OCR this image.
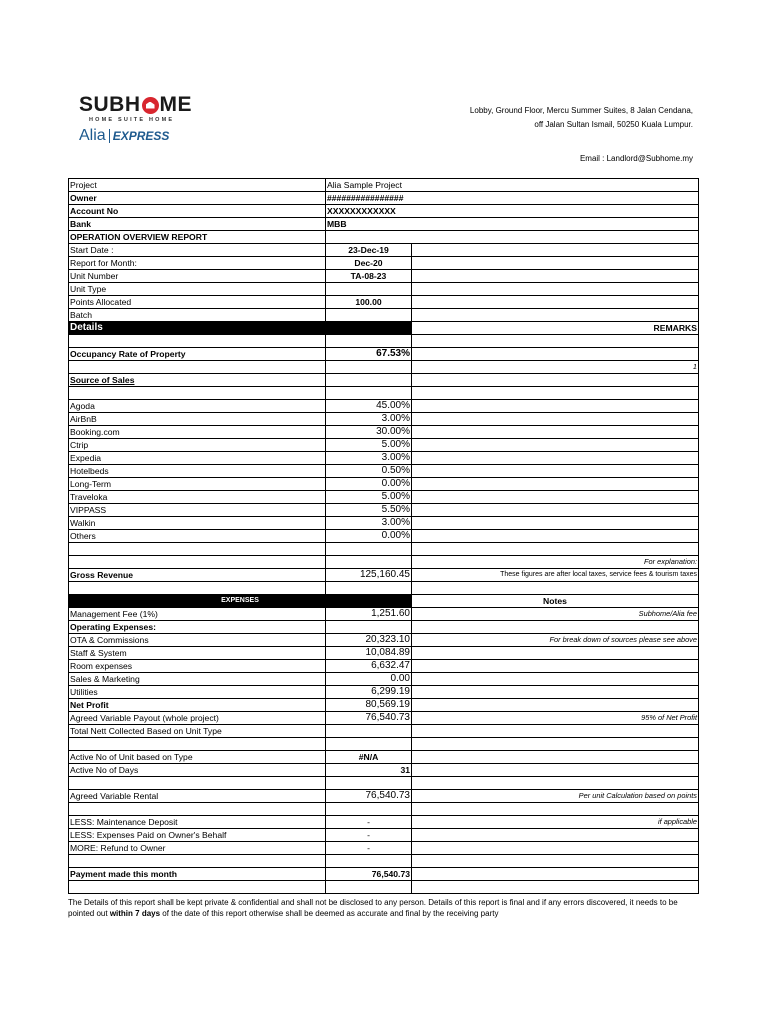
SUBH ME
HOME SUITE HOME
Alia EXPRESS
Lobby, Ground Floor, Mercu Summer Suites, 8 Jalan Cendana,
off Jalan Sultan Ismail, 50250 Kuala Lumpur.
Email : Landlord@Subhome.my
Project	Alia Sample Project	
Owner	################	
Account No	XXXXXXXXXXXX	
Bank	MBB	
OPERATION OVERVIEW REPORT		
Start Date :	23-Dec-19	
Report for Month:	Dec-20	
Unit Number	TA-08-23	
Unit Type		
Points Allocated	100.00	
Batch		
Details		REMARKS

Occupancy Rate of Property	67.53%	
		1
Source of Sales		

Agoda	45.00%	
AirBnB	3.00%	
Booking.com	30.00%	
Ctrip	5.00%	
Expedia	3.00%	
Hotelbeds	0.50%	
Long-Term	0.00%	
Traveloka	5.00%	
VIPPASS	5.50%	
Walkin	3.00%	
Others	0.00%	

		For explanation:
Gross Revenue	125,160.45	These figures are after local taxes, service fees & tourism taxes

EXPENSES		Notes
Management Fee (1%)	1,251.60	Subhome/Alia fee
Operating Expenses:		
OTA & Commissions	20,323.10	For break down of sources please see above
Staff & System	10,084.89	
Room expenses	6,632.47	
Sales & Marketing	0.00	
Utilities	6,299.19	
Net Profit	80,569.19	
Agreed Variable Payout (whole project)	76,540.73	95% of Net Profit
Total Nett Collected Based on Unit Type		

Active No of Unit based on Type	#N/A	
Active No of Days	31	

Agreed Variable Rental	76,540.73	Per unit Calculation based on points

LESS: Maintenance Deposit	-	if applicable
LESS: Expenses Paid on Owner's Behalf	-	
MORE: Refund to Owner	-	

Payment made this month	76,540.73	

The Details of this report shall be kept private & confidential and shall not be disclosed to any person. Details of this report is final and if any errors discovered, it needs to be pointed out within 7 days of the date of this report otherwise shall be deemed as accurate and final by the receiving party
